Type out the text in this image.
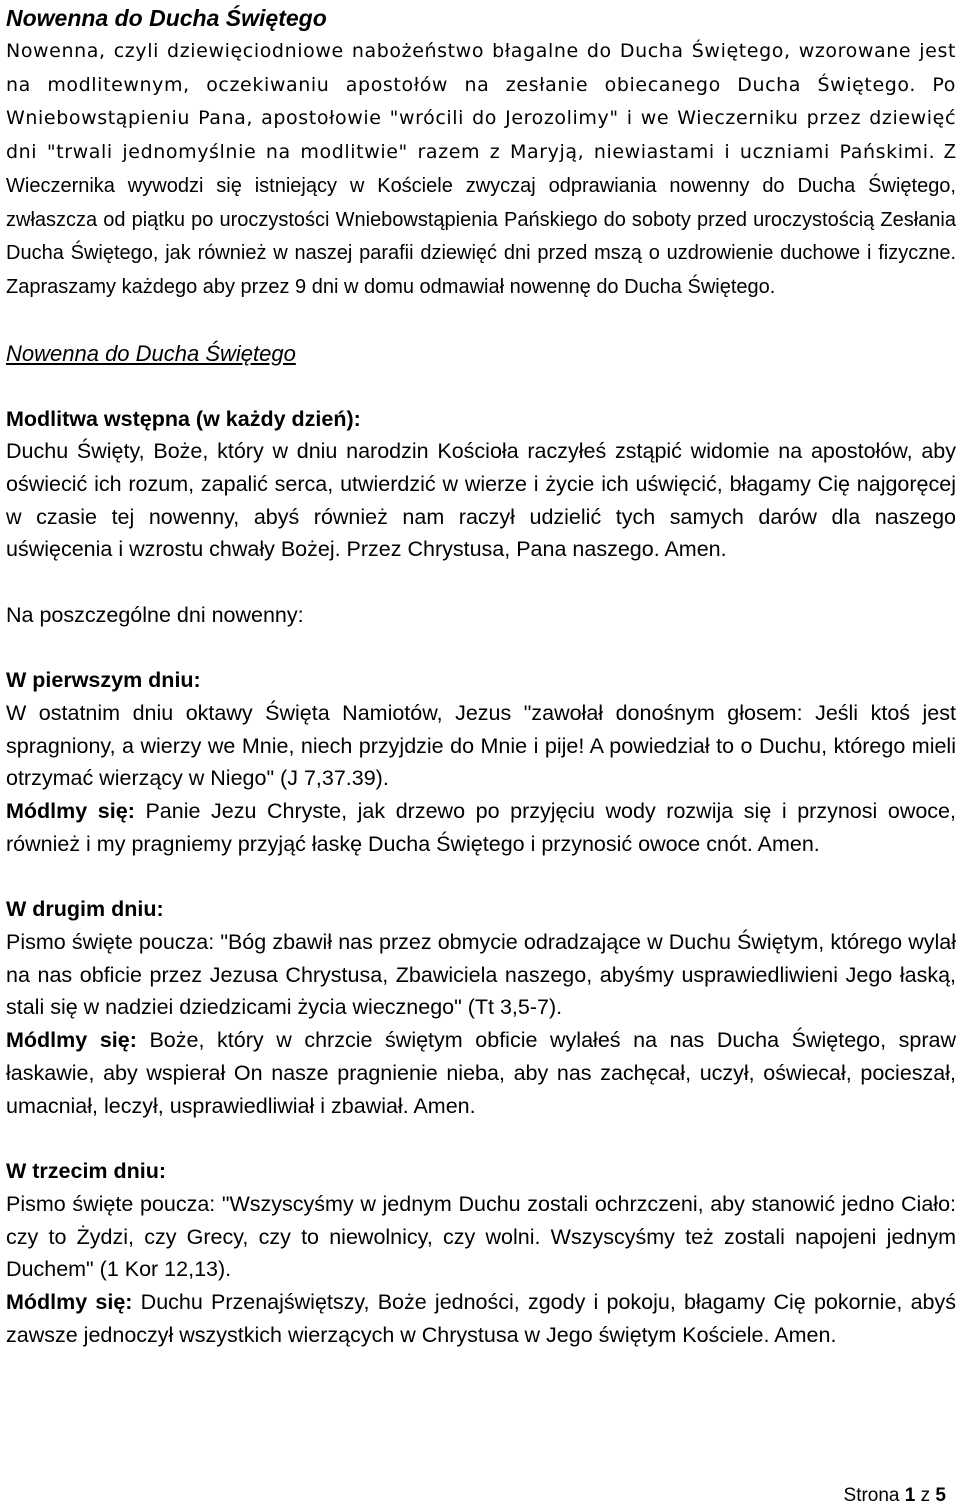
Nowenna do Ducha Świętego

Nowenna, czyli dziewięciodniowe nabożeństwo błagalne do Ducha Świętego, wzorowane jest na modlitewnym, oczekiwaniu apostołów na zesłanie obiecanego Ducha Świętego. Po Wniebowstąpieniu Pana, apostołowie "wrócili do Jerozolimy" i we Wieczerniku przez dziewięć dni "trwali jednomyślnie na modlitwie" razem z Maryją, niewiastami i uczniami Pańskimi. Z Wieczernika wywodzi się istniejący w Kościele zwyczaj odprawiania nowenny do Ducha Świętego, zwłaszcza od piątku po uroczystości Wniebowstąpienia Pańskiego do soboty przed uroczystością Zesłania Ducha Świętego, jak również w naszej parafii dziewięć dni przed mszą o uzdrowienie duchowe i fizyczne. Zapraszamy każdego aby przez 9 dni w domu odmawiał nowennę do Ducha Świętego.

Nowenna do Ducha Świętego
Modlitwa wstępna (w każdy dzień):

Duchu Święty, Boże, który w dniu narodzin Kościoła raczyłeś zstąpić widomie na apostołów, aby oświecić ich rozum, zapalić serca, utwierdzić w wierze i życie ich uświęcić, błagamy Cię najgoręcej w czasie tej nowenny, abyś również nam raczył udzielić tych samych darów dla naszego uświęcenia i wzrostu chwały Bożej. Przez Chrystusa, Pana naszego. Amen.

Na poszczególne dni nowenny:
W pierwszym dniu:

W ostatnim dniu oktawy Święta Namiotów, Jezus "zawołał donośnym głosem: Jeśli ktoś jest spragniony, a wierzy we Mnie, niech przyjdzie do Mnie i pije! A powiedział to o Duchu, którego mieli otrzymać wierzący w Niego" (J 7,37.39).

Módlmy się: Panie Jezu Chryste, jak drzewo po przyjęciu wody rozwija się i przynosi owoce, również i my pragniemy przyjąć łaskę Ducha Świętego i przynosić owoce cnót. Amen.

W drugim dniu:

Pismo święte poucza: "Bóg zbawił nas przez obmycie odradzające w Duchu Świętym, którego wylał na nas obficie przez Jezusa Chrystusa, Zbawiciela naszego, abyśmy usprawiedliwieni Jego łaską, stali się w nadziei dziedzicami życia wiecznego" (Tt 3,5-7).

Módlmy się: Boże, który w chrzcie świętym obficie wylałeś na nas Ducha Świętego, spraw łaskawie, aby wspierał On nasze pragnienie nieba, aby nas zachęcał, uczył, oświecał, pocieszał, umacniał, leczył, usprawiedliwiał i zbawiał. Amen.

W trzecim dniu:

Pismo święte poucza: "Wszyscyśmy w jednym Duchu zostali ochrzczeni, aby stanowić jedno Ciało: czy to Żydzi, czy Grecy, czy to niewolnicy, czy wolni. Wszyscyśmy też zostali napojeni jednym Duchem" (1 Kor 12,13).

Módlmy się: Duchu Przenajświętszy, Boże jedności, zgody i pokoju, błagamy Cię pokornie, abyś zawsze jednoczył wszystkich wierzących w Chrystusa w Jego świętym Kościele. Amen.

Strona 1 z 5
